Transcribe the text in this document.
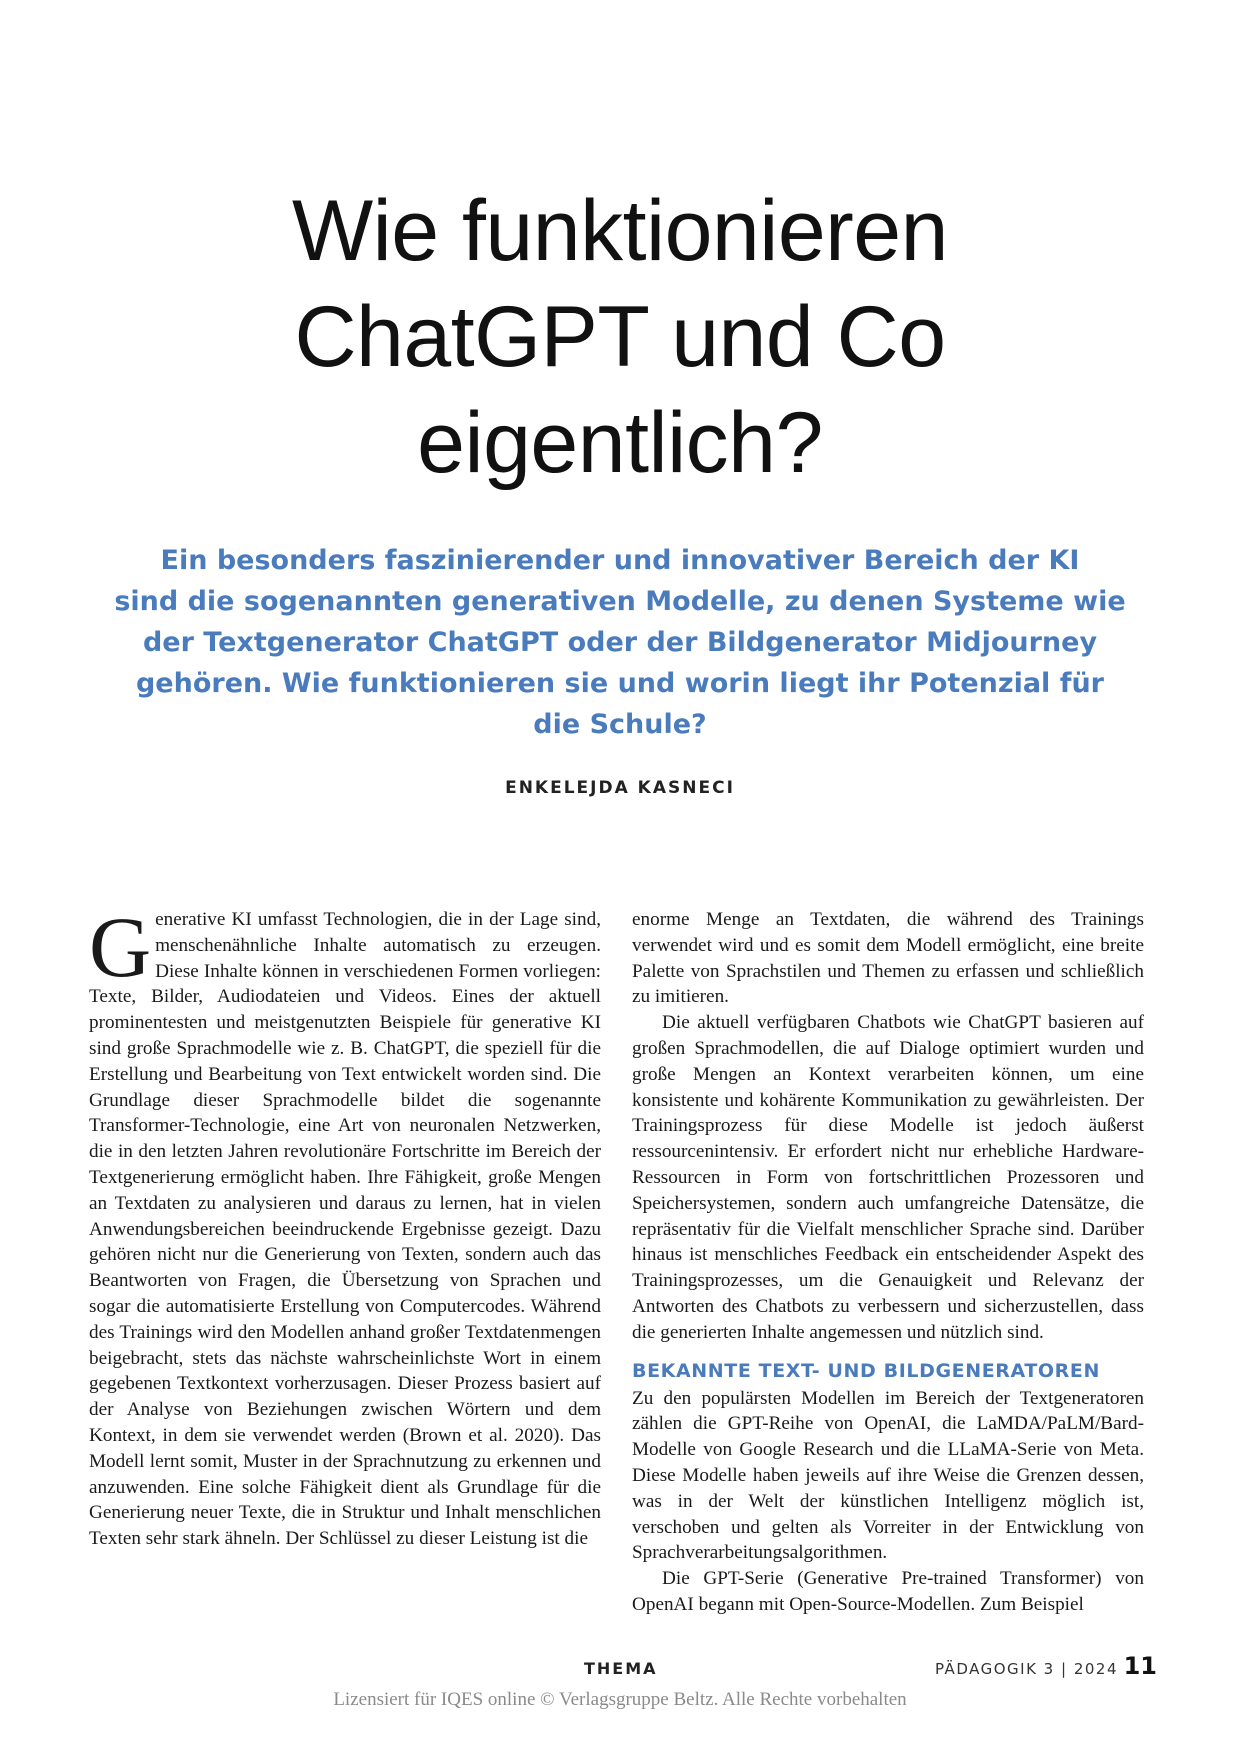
Wie funktionieren
ChatGPT und Co
eigentlich?

Ein besonders faszinierender und innovativer Bereich der KI
sind die sogenannten generativen Modelle, zu denen Systeme wie
der Textgenerator ChatGPT oder der Bildgenerator Midjourney
gehören. Wie funktionieren sie und worin liegt ihr Potenzial für
die Schule?

ENKELEJDA KASNECI

Generative KI umfasst Technologien, die in der Lage sind, menschenähnliche Inhalte automatisch zu erzeugen. Diese Inhalte können in verschiedenen Formen vorliegen: Texte, Bilder, Audiodateien und Videos. Eines der aktuell prominentesten und meistgenutzten Beispiele für generative KI sind große Sprachmodelle wie z. B. ChatGPT, die speziell für die Erstellung und Bearbeitung von Text entwickelt worden sind. Die Grundlage dieser Sprachmodelle bildet die sogenannte Transformer-Technologie, eine Art von neuronalen Netzwerken, die in den letzten Jahren revolutionäre Fortschritte im Bereich der Textgenerierung ermöglicht haben. Ihre Fähigkeit, große Mengen an Textdaten zu analysieren und daraus zu lernen, hat in vielen Anwendungsbereichen beeindruckende Ergebnisse gezeigt. Dazu gehören nicht nur die Generierung von Texten, sondern auch das Beantworten von Fragen, die Übersetzung von Sprachen und sogar die automatisierte Erstellung von Computercodes. Während des Trainings wird den Modellen anhand großer Textdatenmengen beigebracht, stets das nächste wahrscheinlichste Wort in einem gegebenen Textkontext vorherzusagen. Dieser Prozess basiert auf der Analyse von Beziehungen zwischen Wörtern und dem Kontext, in dem sie verwendet werden (Brown et al. 2020). Das Modell lernt somit, Muster in der Sprachnutzung zu erkennen und anzuwenden. Eine solche Fähigkeit dient als Grundlage für die Generierung neuer Texte, die in Struktur und Inhalt menschlichen Texten sehr stark ähneln. Der Schlüssel zu dieser Leistung ist die

enorme Menge an Textdaten, die während des Trainings verwendet wird und es somit dem Modell ermöglicht, eine breite Palette von Sprachstilen und Themen zu erfassen und schließlich zu imitieren.

Die aktuell verfügbaren Chatbots wie ChatGPT basieren auf großen Sprachmodellen, die auf Dialoge optimiert wurden und große Mengen an Kontext verarbeiten können, um eine konsistente und kohärente Kommunikation zu gewährleisten. Der Trainingsprozess für diese Modelle ist jedoch äußerst ressourcenintensiv. Er erfordert nicht nur erhebliche Hardware-Ressourcen in Form von fortschrittlichen Prozessoren und Speichersystemen, sondern auch umfangreiche Datensätze, die repräsentativ für die Vielfalt menschlicher Sprache sind. Darüber hinaus ist menschliches Feedback ein entscheidender Aspekt des Trainingsprozesses, um die Genauigkeit und Relevanz der Antworten des Chatbots zu verbessern und sicherzustellen, dass die generierten Inhalte angemessen und nützlich sind.

BEKANNTE TEXT- UND BILDGENERATOREN

Zu den populärsten Modellen im Bereich der Textgeneratoren zählen die GPT-Reihe von OpenAI, die LaMDA/PaLM/Bard-Modelle von Google Research und die LLaMA-Serie von Meta. Diese Modelle haben jeweils auf ihre Weise die Grenzen dessen, was in der Welt der künstlichen Intelligenz möglich ist, verschoben und gelten als Vorreiter in der Entwicklung von Sprachverarbeitungsalgorithmen.

Die GPT-Serie (Generative Pre-trained Transformer) von OpenAI begann mit Open-Source-Modellen. Zum Beispiel

THEMA	PÄDAGOGIK 3 | 2024 11
Lizensiert für IQES online © Verlagsgruppe Beltz. Alle Rechte vorbehalten
